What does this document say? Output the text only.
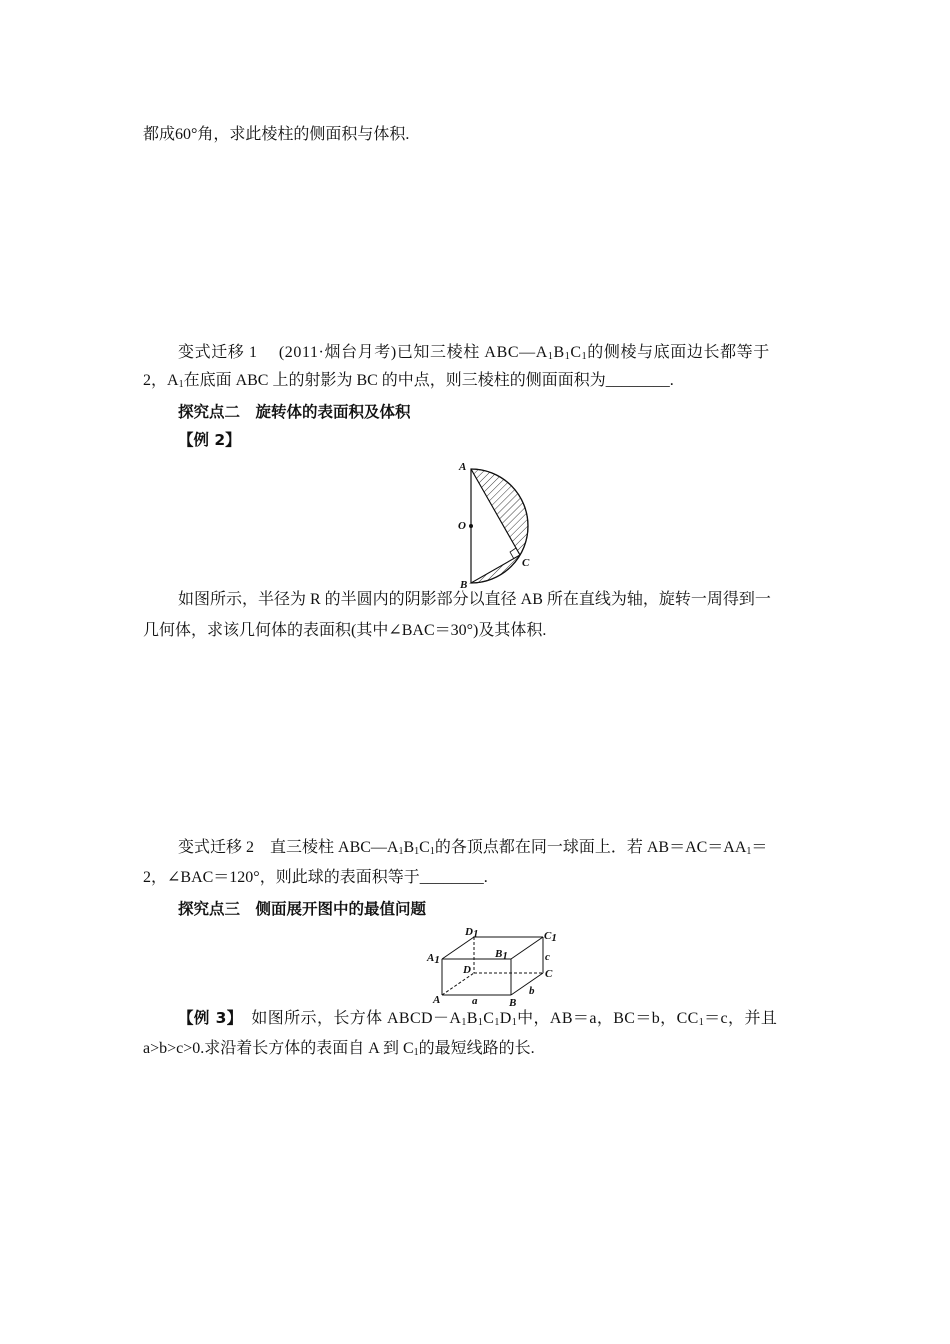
都成60°角，求此棱柱的侧面积与体积.
变式迁移 1　 (2011·烟台月考)已知三棱柱 $ABC—A_1B_1C_1$的侧棱与底面边长都等于
2，$A_1$在底面 ABC 上的射影为 BC 的中点，则三棱柱的侧面面积为________.
探究点二　旋转体的表面积及体积
【例 2】
A
O
B
C
如图所示，半径为 R 的半圆内的阴影部分以直径 AB 所在直线为轴，旋转一周得到一
几何体，求该几何体的表面积(其中∠BAC＝30°)及其体积.
变式迁移 2　 直三棱柱 $ABC—A_1B_1C_1$的各顶点都在同一球面上．若 $AB=AC=AA_1=$
2，∠BAC＝120°，则此球的表面积等于________.
探究点三　侧面展开图中的最值问题
D1	C1
A1	B1
D	C
A	B
a
b
c
【例 3】　 如图所示，长方体 $ABCD-A_1B_1C_1D_1$中，AB＝a，BC＝b，$CC_1=c$，并且
a>b>c>0.求沿着长方体的表面自 A 到 $C_1$的最短线路的长.
